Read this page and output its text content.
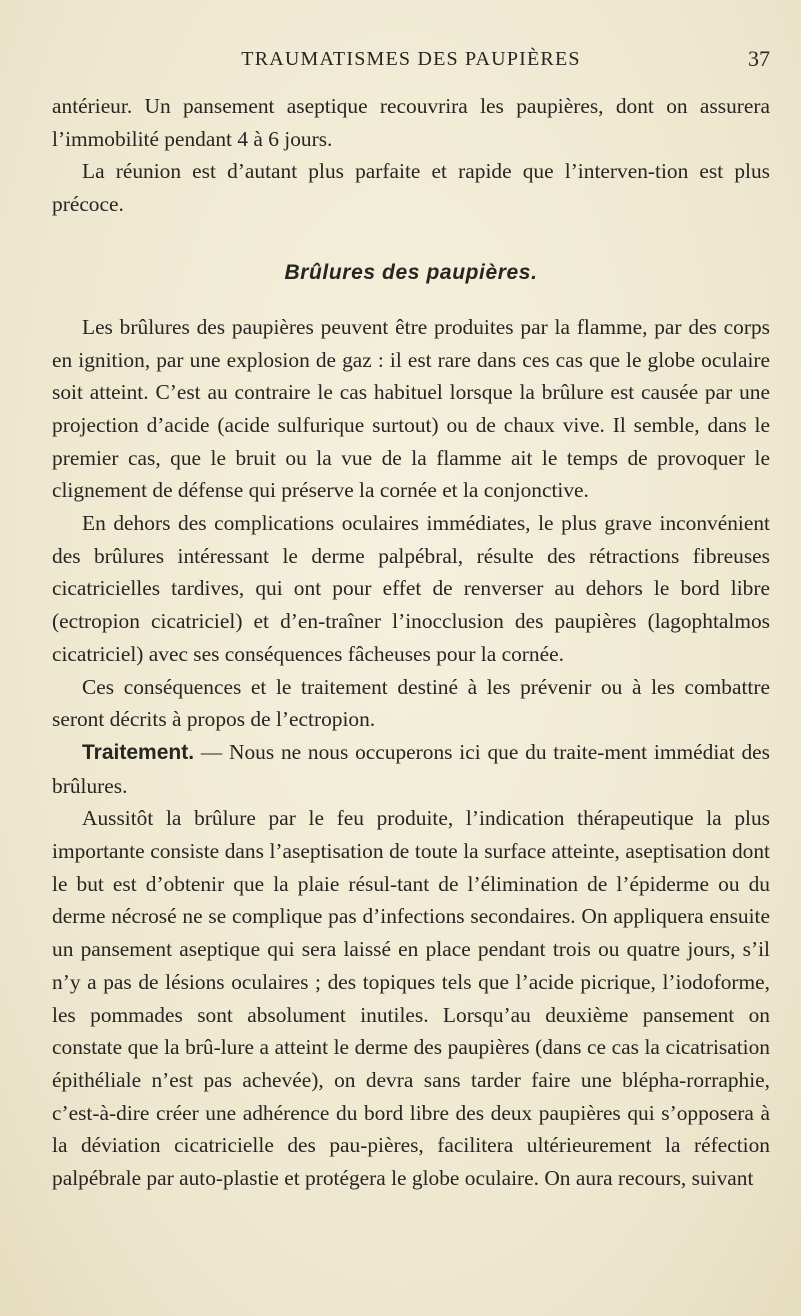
TRAUMATISMES DES PAUPIÈRES	37

antérieur. Un pansement aseptique recouvrira les paupières, dont on assurera l’immobilité pendant 4 à 6 jours.

La réunion est d’autant plus parfaite et rapide que l’interven-tion est plus précoce.

Brûlures des paupières.

Les brûlures des paupières peuvent être produites par la flamme, par des corps en ignition, par une explosion de gaz : il est rare dans ces cas que le globe oculaire soit atteint. C’est au contraire le cas habituel lorsque la brûlure est causée par une projection d’acide (acide sulfurique surtout) ou de chaux vive. Il semble, dans le premier cas, que le bruit ou la vue de la flamme ait le temps de provoquer le clignement de défense qui préserve la cornée et la conjonctive.

En dehors des complications oculaires immédiates, le plus grave inconvénient des brûlures intéressant le derme palpébral, résulte des rétractions fibreuses cicatricielles tardives, qui ont pour effet de renverser au dehors le bord libre (ectropion cicatriciel) et d’en-traîner l’inocclusion des paupières (lagophtalmos cicatriciel) avec ses conséquences fâcheuses pour la cornée.

Ces conséquences et le traitement destiné à les prévenir ou à les combattre seront décrits à propos de l’ectropion.

Traitement. — Nous ne nous occuperons ici que du traite-ment immédiat des brûlures.

Aussitôt la brûlure par le feu produite, l’indication thérapeutique la plus importante consiste dans l’aseptisation de toute la surface atteinte, aseptisation dont le but est d’obtenir que la plaie résul-tant de l’élimination de l’épiderme ou du derme nécrosé ne se complique pas d’infections secondaires. On appliquera ensuite un pansement aseptique qui sera laissé en place pendant trois ou quatre jours, s’il n’y a pas de lésions oculaires ; des topiques tels que l’acide picrique, l’iodoforme, les pommades sont absolument inutiles. Lorsqu’au deuxième pansement on constate que la brû-lure a atteint le derme des paupières (dans ce cas la cicatrisation épithéliale n’est pas achevée), on devra sans tarder faire une blépha-rorraphie, c’est-à-dire créer une adhérence du bord libre des deux paupières qui s’opposera à la déviation cicatricielle des pau-pières, facilitera ultérieurement la réfection palpébrale par auto-plastie et protégera le globe oculaire. On aura recours, suivant
